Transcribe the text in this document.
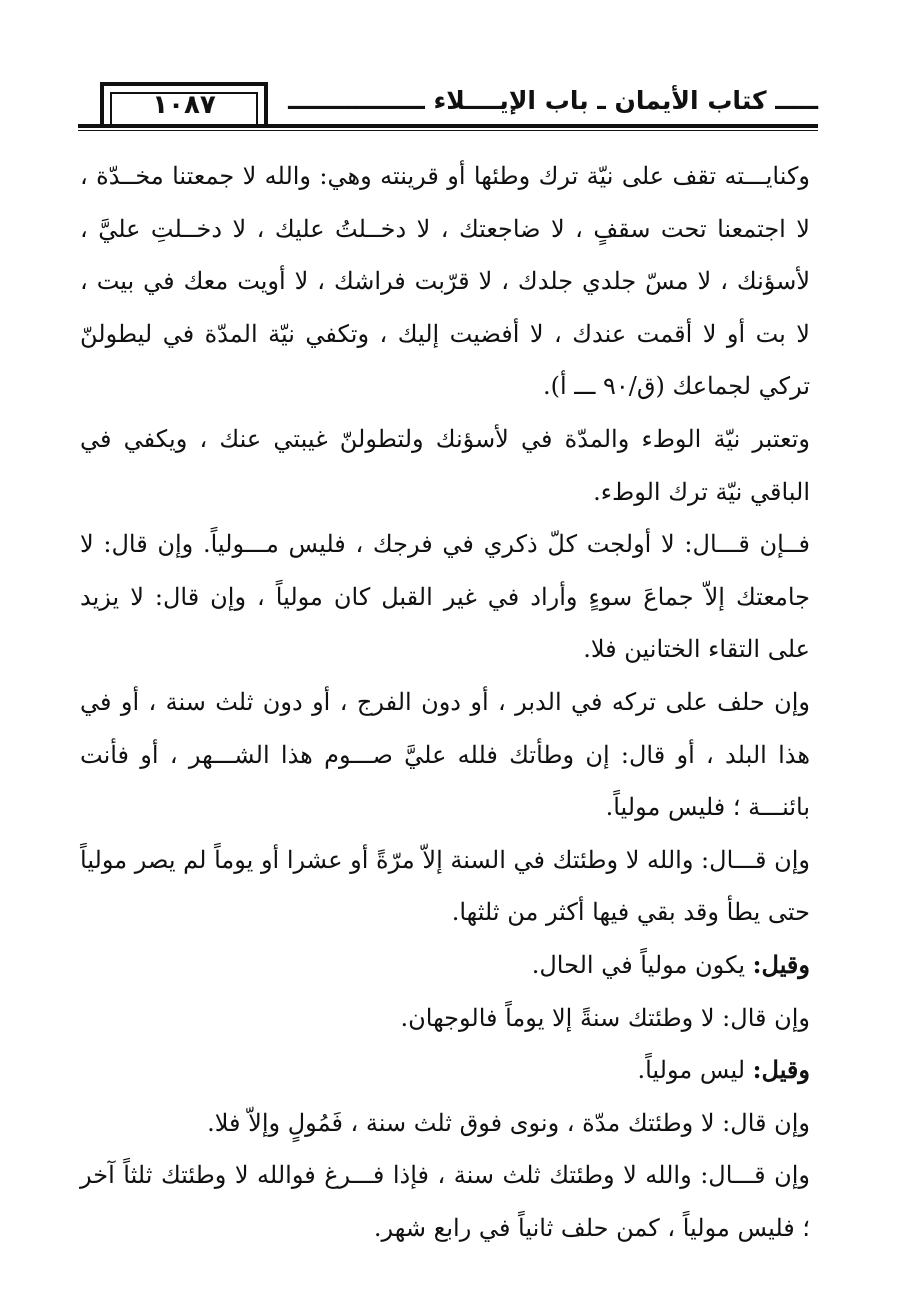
١٠٨٧	ـــــ كتاب الأيمان ـ باب الإيــــلاء ــــــــــــــــ

وكنايـــته تقف على نيّة ترك وطئها أو قرينته وهي: والله لا جمعتنا مخــدّة ، لا اجتمعنا تحت سقفٍ ، لا ضاجعتك ، لا دخــلتُ عليك ، لا دخــلتِ عليَّ ، لأسؤنك ، لا مسّ جلدي جلدك ، لا قرّبت فراشك ، لا أويت معك في بيت ، لا بت أو لا أقمت عندك ، لا أفضيت إليك ، وتكفي نيّة المدّة في ليطولنّ تركي لجماعك (ق/٩٠ ـــ أ).

وتعتبر نيّة الوطء والمدّة في لأسؤنك ولتطولنّ غيبتي عنك ، ويكفي في الباقي نيّة ترك الوطء.

فــإن قـــال: لا أولجت كلّ ذكري في فرجك ، فليس مـــولياً. وإن قال: لا جامعتك إلاّ جماعَ سوءٍ وأراد في غير القبل كان مولياً ، وإن قال: لا يزيد على التقاء الختانين فلا.

وإن حلف على تركه في الدبر ، أو دون الفرج ، أو دون ثلث سنة ، أو في هذا البلد ، أو قال: إن وطأتك فلله عليَّ صـــوم هذا الشـــهر ، أو فأنت بائنـــة ؛ فليس مولياً.

وإن قـــال: والله لا وطئتك في السنة إلاّ مرّةً أو عشرا أو يوماً لم يصر مولياً حتى يطأ وقد بقي فيها أكثر من ثلثها.

وقيل: يكون مولياً في الحال.

وإن قال: لا وطئتك سنةً إلا يوماً فالوجهان.

وقيل: ليس مولياً.

وإن قال: لا وطئتك مدّة ، ونوى فوق ثلث سنة ، فَمُولٍ وإلاّ فلا.

وإن قـــال: والله لا وطئتك ثلث سنة ، فإذا فـــرغ فوالله لا وطئتك ثلثاً آخر ؛ فليس مولياً ، كمن حلف ثانياً في رابع شهر.
